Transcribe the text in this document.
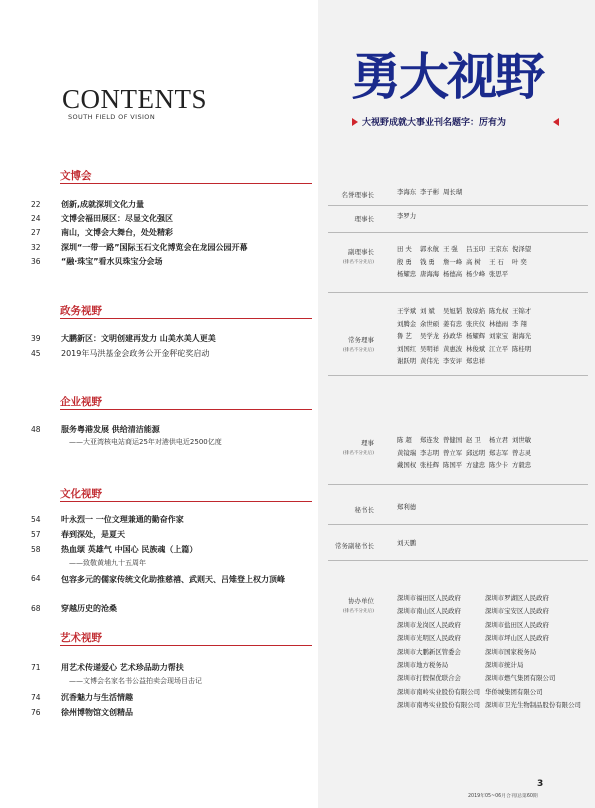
CONTENTS
SOUTH FIELD OF VISION
文博会
22	创新,成就深圳文化力量
24	文博会福田展区：尽显文化强区
27	南山，文博会大舞台，处处精彩
32	深圳“一带一路”国际玉石文化博览会在龙园公园开幕
36	“融·珠宝”看水贝珠宝分会场
政务视野
39	大鹏新区：文明创建再发力 山美水美人更美
45	2019年马洪基金会政务公开金秤砣奖启动
企业视野
48	服务粤港发展 供给清洁能源
——大亚湾核电站商运25年对港供电近2500亿度
文化视野
54	叶永烈一 一位文理兼通的勤奋作家
57	春到深处，是夏天
58	热血颂 英雄气 中国心 民族魂（上篇）
——致敬黄埔九十五周年
64	包容多元的儒家传统文化助推慈禧、武则天、吕雉登上权力顶峰
68	穿越历史的沧桑
艺术视野
71	用艺术传递爱心 艺术珍品助力帮扶
——文博会名家名书公益拍卖会现场目击记
74	沉香魅力与生活情趣
76	徐州博物馆文创精品
勇大视野
大视野成就大事业刊名题字：厉有为
名誉理事长	李海东 李子彬 周长瑚
理事长	李罗力
副理事长
(排名不分先后)
田 夫 郭永航 王 强 吕玉印 王京东 倪泽望
殷 勇 钱 勇 詹一峰 高 树 王 石 叶 奕
杨耀忠 唐海海 杨德高 杨少峰 张思平
常务理事
(排名不分先后)
王学斌 刘 斌 吴旭韬 敖琼焰 陈允权 王锦才
刘腾金 余世硕 姜有忠 张庆仪 林德雨 李 翔
鲁 艺 吴学龙 孙政华 杨耀辉 刘家宝 谢海光
刘国红 吴明祥 黄惠波 林俊斌 江立平 陈桂明
谢跃明 黄伟光 李安评 郑忠祥
理事
(排名不分先后)
陈 超 郑连发 曾健国 赵 卫 杨立君 刘世敏
黄镜瑞 李志明 曾立军 邱远明 郑志军 曾志灵
戴国权 张桂辉 陈国平 方建忠 陈少卡 方毅忠
秘书长	郑利德
常务副秘书长	刘天鹏
协办单位
(排名不分先后)
深圳市福田区人民政府	深圳市罗湖区人民政府
深圳市南山区人民政府	深圳市宝安区人民政府
深圳市龙岗区人民政府	深圳市盐田区人民政府
深圳市光明区人民政府	深圳市坪山区人民政府
深圳市大鹏新区管委会	深圳市国家税务局
深圳市地方税务局	深圳市统计局
深圳市打假保优联合会	深圳市燃气集团有限公司
深圳市南岭实业股份有限公司 华侨城集团有限公司
深圳市南粤实业股份有限公司 深圳市卫光生物制品股份有限公司
3
2019年05~06月合刊/总第60期
